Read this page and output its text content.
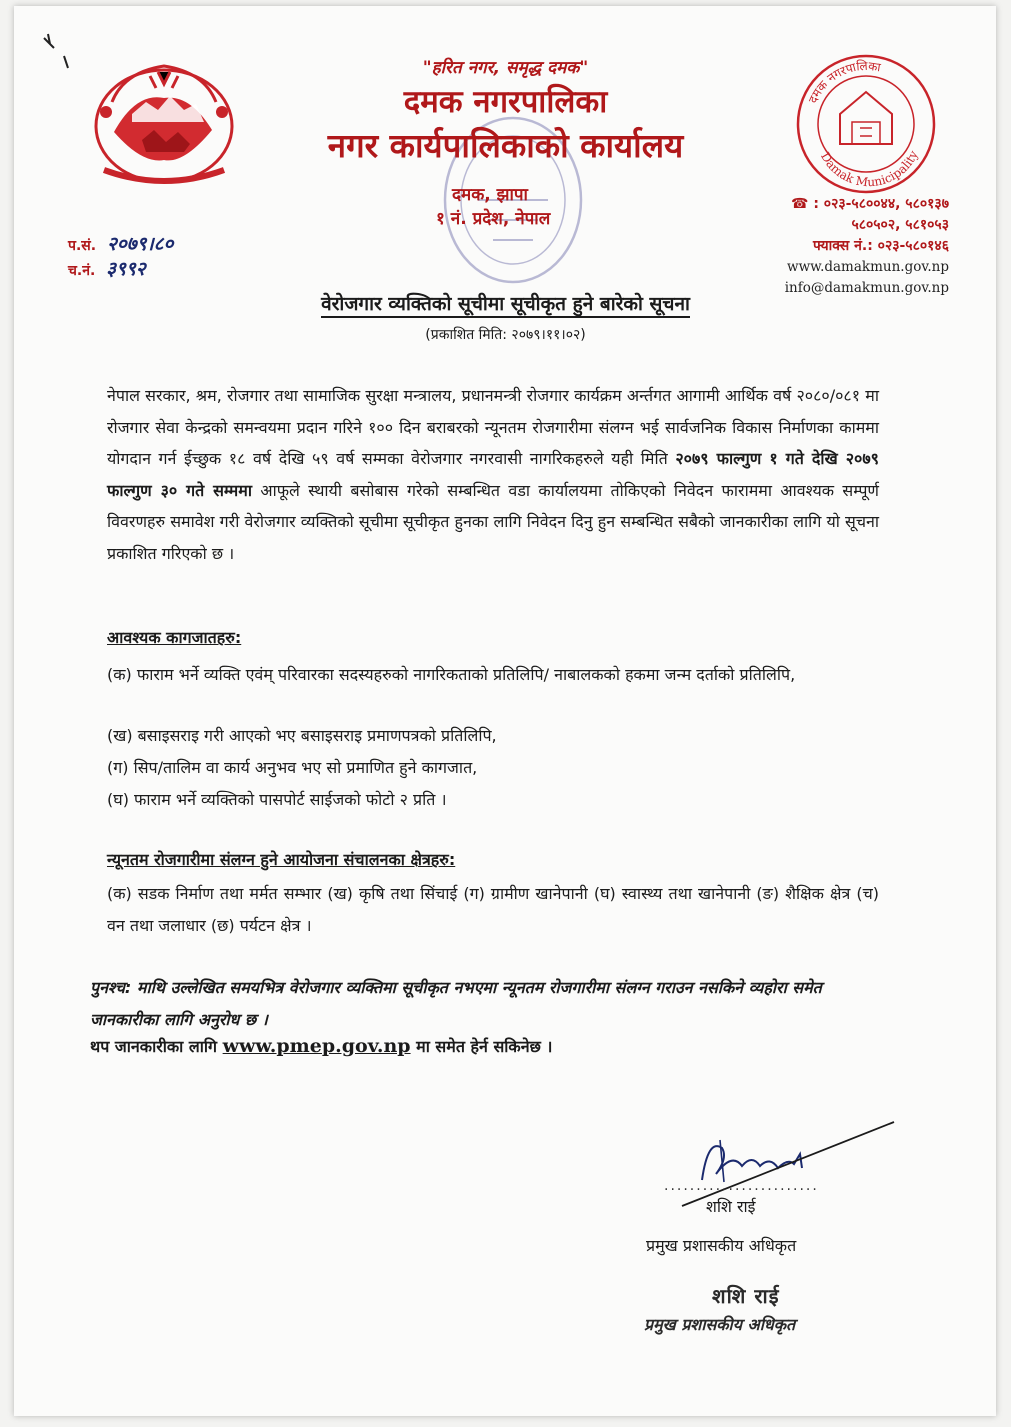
दमक नगरपालिका
Damak Municipality
"हरित नगर, समृद्ध दमक"
दमक नगरपालिका
नगर कार्यपालिकाको कार्यालय
दमक, झापा
१ नं. प्रदेश, नेपाल
☎ : ०२३-५८००४४, ५८०१३७
५८०५०२, ५८१०५३
फ्याक्स नं.: ०२३-५८०१४६
www.damakmun.gov.np
info@damakmun.gov.np
प.सं. २०७९।८०
च.नं. ३९९२
वेरोजगार व्यक्तिको सूचीमा सूचीकृत हुने बारेको सूचना
(प्रकाशित मिति: २०७९।११।०२)
नेपाल सरकार, श्रम, रोजगार तथा सामाजिक सुरक्षा मन्त्रालय, प्रधानमन्त्री रोजगार कार्यक्रम अर्न्तगत आगामी आर्थिक वर्ष २०८०/०८१ मा रोजगार सेवा केन्द्रको समन्वयमा प्रदान गरिने १०० दिन बराबरको न्यूनतम रोजगारीमा संलग्न भई सार्वजनिक विकास निर्माणका काममा योगदान गर्न ईच्छुक १८ वर्ष देखि ५९ वर्ष सम्मका वेरोजगार नगरवासी नागरिकहरुले यही मिति २०७९ फाल्गुण १ गते देखि २०७९ फाल्गुण ३० गते सम्ममा आफूले स्थायी बसोबास गरेको सम्बन्धित वडा कार्यालयमा तोकिएको निवेदन फाराममा आवश्यक सम्पूर्ण विवरणहरु समावेश गरी वेरोजगार व्यक्तिको सूचीमा सूचीकृत हुनका लागि निवेदन दिनु हुन सम्बन्धित सबैको जानकारीका लागि यो सूचना प्रकाशित गरिएको छ ।
आवश्यक कागजातहरु:
(क) फाराम भर्ने व्यक्ति एवंम् परिवारका सदस्यहरुको नागरिकताको प्रतिलिपि/ नाबालकको हकमा जन्म दर्ताको प्रतिलिपि,
(ख) बसाइसराइ गरी आएको भए बसाइसराइ प्रमाणपत्रको प्रतिलिपि,
(ग) सिप/तालिम वा कार्य अनुभव भए सो प्रमाणित हुने कागजात,
(घ) फाराम भर्ने व्यक्तिको पासपोर्ट साईजको फोटो २ प्रति ।
न्यूनतम रोजगारीमा संलग्न हुने आयोजना संचालनका क्षेत्रहरु:
(क) सडक निर्माण तथा मर्मत सम्भार (ख) कृषि तथा सिंचाई (ग) ग्रामीण खानेपानी (घ) स्वास्थ्य तथा खानेपानी (ङ) शैक्षिक क्षेत्र (च) वन तथा जलाधार (छ) पर्यटन क्षेत्र ।
पुनश्च: माथि उल्लेखित समयभित्र वेरोजगार व्यक्तिमा सूचीकृत नभएमा न्यूनतम रोजगारीमा संलग्न गराउन नसकिने व्यहोरा समेत जानकारीका लागि अनुरोध छ ।
थप जानकारीका लागि www.pmep.gov.np मा समेत हेर्न सकिनेछ ।
........................
शशि राई
प्रमुख प्रशासकीय अधिकृत
शशि राई
प्रमुख प्रशासकीय अधिकृत
